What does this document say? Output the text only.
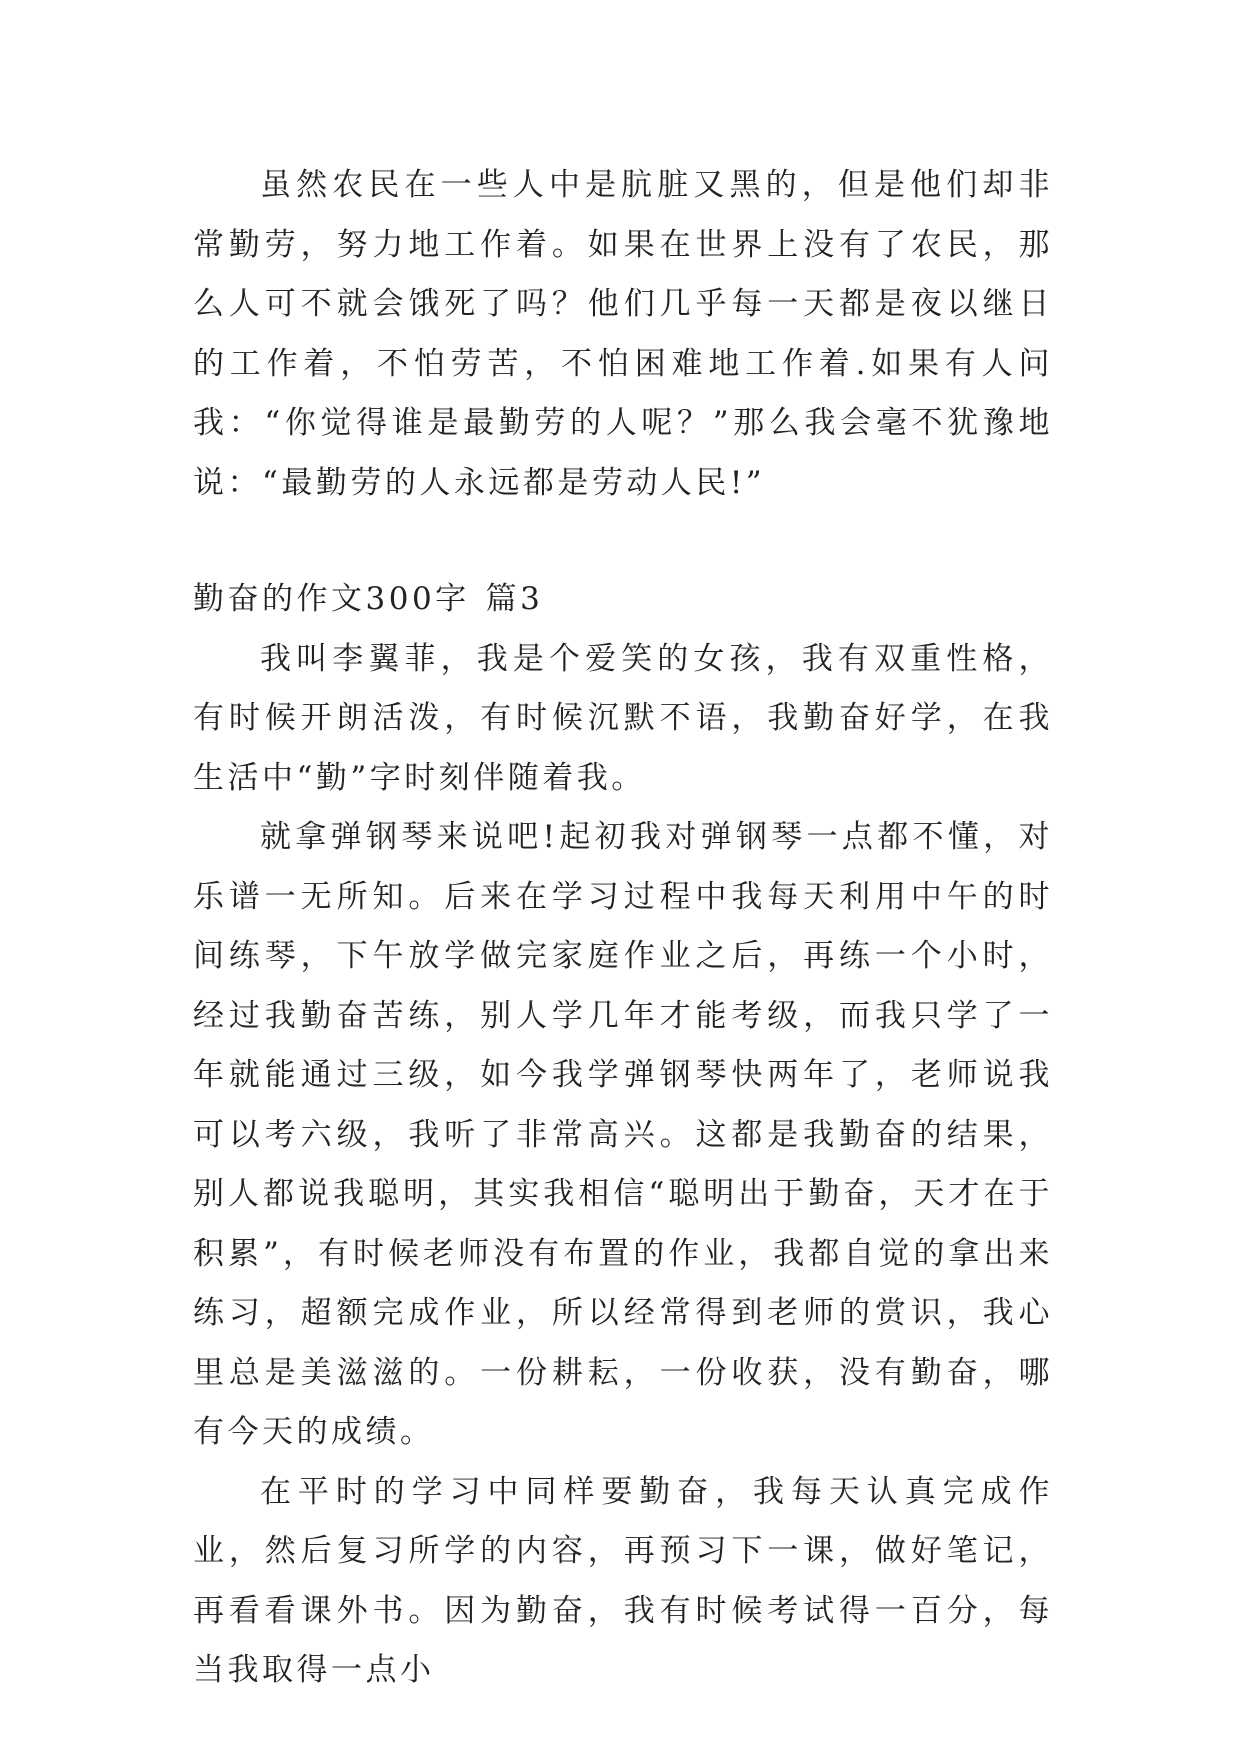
虽然农民在一些人中是肮脏又黑的，但是他们却非常勤劳，努力地工作着。如果在世界上没有了农民，那么人可不就会饿死了吗？他们几乎每一天都是夜以继日的工作着，不怕劳苦，不怕困难地工作着.如果有人问我：“你觉得谁是最勤劳的人呢？”那么我会毫不犹豫地说：“最勤劳的人永远都是劳动人民!”

勤奋的作文300字 篇3

我叫李翼菲，我是个爱笑的女孩，我有双重性格，有时候开朗活泼，有时候沉默不语，我勤奋好学，在我生活中“勤”字时刻伴随着我。

就拿弹钢琴来说吧!起初我对弹钢琴一点都不懂，对乐谱一无所知。后来在学习过程中我每天利用中午的时间练琴，下午放学做完家庭作业之后，再练一个小时，经过我勤奋苦练，别人学几年才能考级，而我只学了一年就能通过三级，如今我学弹钢琴快两年了，老师说我可以考六级，我听了非常高兴。这都是我勤奋的结果，别人都说我聪明，其实我相信“聪明出于勤奋，天才在于积累”，有时候老师没有布置的作业，我都自觉的拿出来练习，超额完成作业，所以经常得到老师的赏识，我心里总是美滋滋的。一份耕耘，一份收获，没有勤奋，哪有今天的成绩。

在平时的学习中同样要勤奋，我每天认真完成作业，然后复习所学的内容，再预习下一课，做好笔记，再看看课外书。因为勤奋，我有时候考试得一百分，每当我取得一点小
